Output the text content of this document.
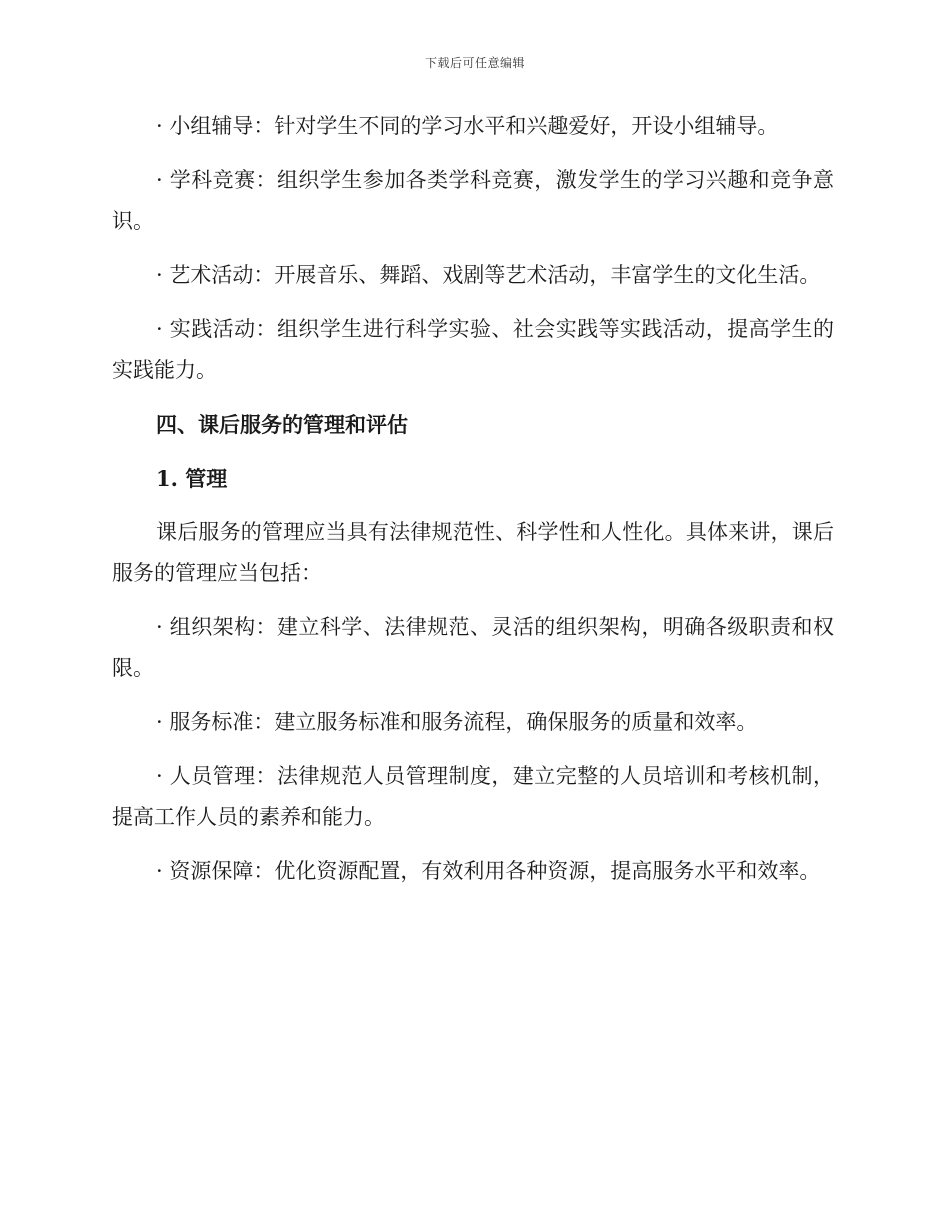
下载后可任意编辑

· 小组辅导：针对学生不同的学习水平和兴趣爱好，开设小组辅导。

· 学科竞赛：组织学生参加各类学科竞赛，激发学生的学习兴趣和竞争意识。

· 艺术活动：开展音乐、舞蹈、戏剧等艺术活动，丰富学生的文化生活。

· 实践活动：组织学生进行科学实验、社会实践等实践活动，提高学生的实践能力。

四、课后服务的管理和评估
1. 管理

课后服务的管理应当具有法律规范性、科学性和人性化。具体来讲，课后服务的管理应当包括：

· 组织架构：建立科学、法律规范、灵活的组织架构，明确各级职责和权限。

· 服务标准：建立服务标准和服务流程，确保服务的质量和效率。

· 人员管理：法律规范人员管理制度，建立完整的人员培训和考核机制，提高工作人员的素养和能力。

· 资源保障：优化资源配置，有效利用各种资源，提高服务水平和效率。
